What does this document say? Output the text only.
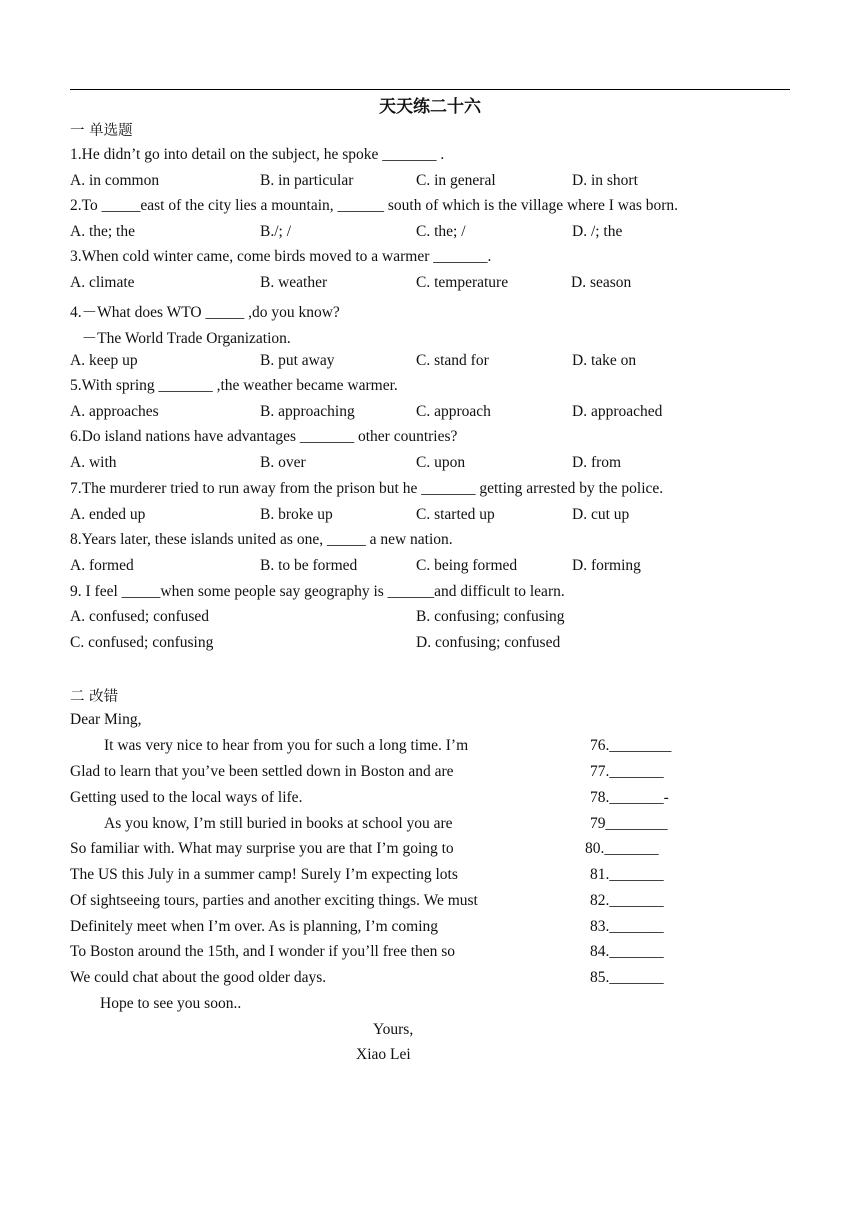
天天练二十六
一 单选题
1.He didn’t go into detail on the subject, he spoke _______ .
A. in common	B. in particular	C. in general	D. in short
2.To _____east of the city lies a mountain, ______ south of which is the village where I was born.
A. the; the	B./; /	C. the; /	D. /; the
3.When cold winter came, come birds moved to a warmer _______.
A. climate	B. weather	C. temperature	D. season
4.－What does WTO _____ ,do you know?
－The World Trade Organization.
A. keep up	B. put away	C. stand for	D. take on
5.With spring _______ ,the weather became warmer.
A. approaches	B. approaching	C. approach	D. approached
6.Do island nations have advantages _______ other countries?
A. with	B. over	C. upon	D. from
7.The murderer tried to run away from the prison but he _______ getting arrested by the police.
A. ended up	B. broke up	C. started up	D. cut up
8.Years later, these islands united as one, _____ a new nation.
A. formed	B. to be formed	C. being formed	D. forming
9. I feel _____when some people say geography is ______and difficult to learn.
A. confused; confused	B. confusing; confusing
C. confused; confusing	D. confusing; confused
二 改错
Dear Ming,
It was very nice to hear from you for such a long time. I’m	76.________
Glad to learn that you’ve been settled down in Boston and are	77._______
Getting used to the local ways of life.	78._______-
As you know, I’m still buried in books at school you are	79________
So familiar with. What may surprise you are that I’m going to	80._______
The US this July in a summer camp! Surely I’m expecting lots	81._______
Of sightseeing tours, parties and another exciting things. We must	82._______
Definitely meet when I’m over. As is planning, I’m coming	83._______
To Boston around the 15th, and I wonder if you’ll free then so	84._______
We could chat about the good older days.	85._______
Hope to see you soon..
Yours,
Xiao Lei
